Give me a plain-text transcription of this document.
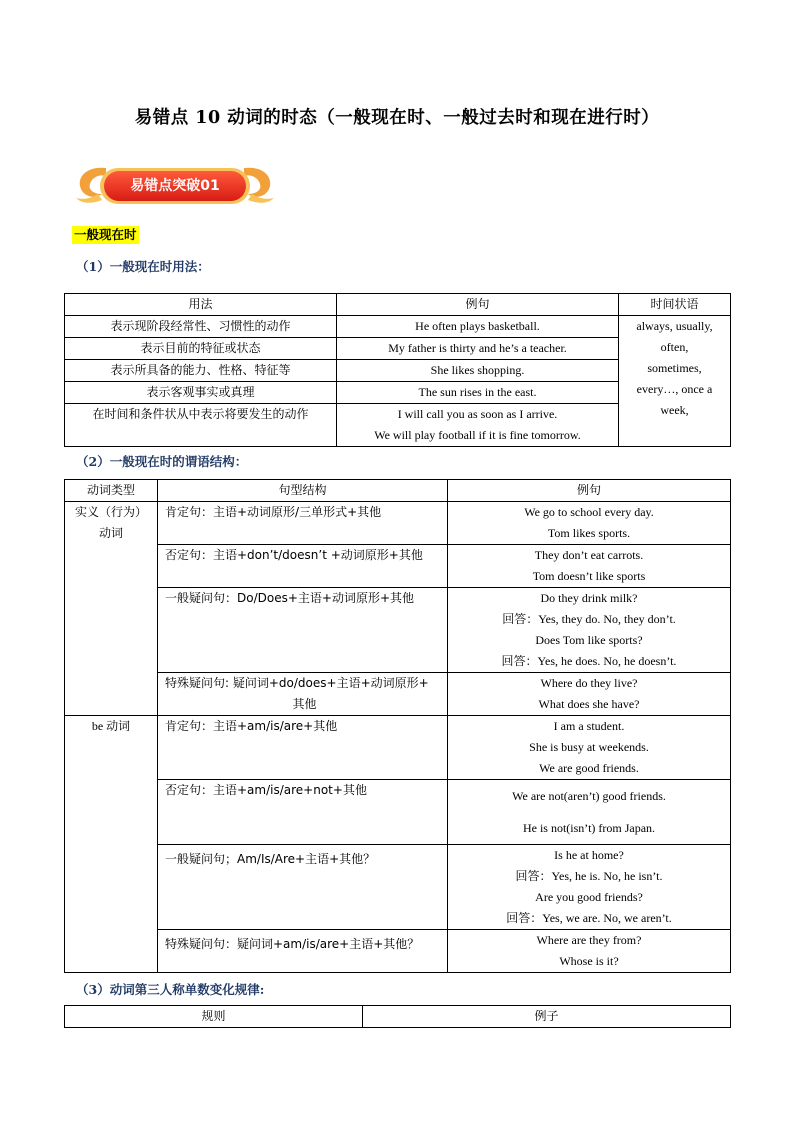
易错点 10 动词的时态（一般现在时、一般过去时和现在进行时）
易错点突破01
一般现在时
（1）一般现在时用法：
用法	例句	时间状语
表示现阶段经常性、习惯性的动作	He often plays basketball.	always, usually,
often,
sometimes,
every…, once a
week,

表示目前的特征或状态	My father is thirty and he’s a teacher.	

表示所具备的能力、性格、特征等	She likes shopping.	

表示客观事实或真理	The sun rises in the east.	

在时间和条件状从中表示将要发生的动作	I will call you as soon as I arrive.
We will play football if it is fine tomorrow.	
（2）一般现在时的谓语结构：
动词类型	句型结构	例句

实义（行为）
动词	肯定句：主语+动词原形/三单形式+其他	We go to school every day.
Tom likes sports.

	否定句：主语+don’t/doesn’t +动词原形+其他	They don’t eat carrots.
Tom doesn’t like sports

	一般疑问句：Do/Does+主语+动词原形+其他	Do they drink milk?
回答：Yes, they do. No, they don’t.
Does Tom like sports?
回答：Yes, he does. No, he doesn’t.

	特殊疑问句: 疑问词+do/does+主语+动词原形+
其他	Where do they live?
What does she have?

be 动词	肯定句：主语+am/is/are+其他	I am a student.
She is busy at weekends.
We are good friends.

	否定句：主语+am/is/are+not+其他	We are not(aren’t) good friends.
He is not(isn’t) from Japan.

	一般疑问句；Am/Is/Are+主语+其他？	Is he at home?
回答：Yes, he is. No, he isn’t.
Are you good friends?
回答：Yes, we are. No, we aren’t.

	特殊疑问句：疑问词+am/is/are+主语+其他？	Where are they from?
Whose is it?
（3）动词第三人称单数变化规律:
规则	例子
